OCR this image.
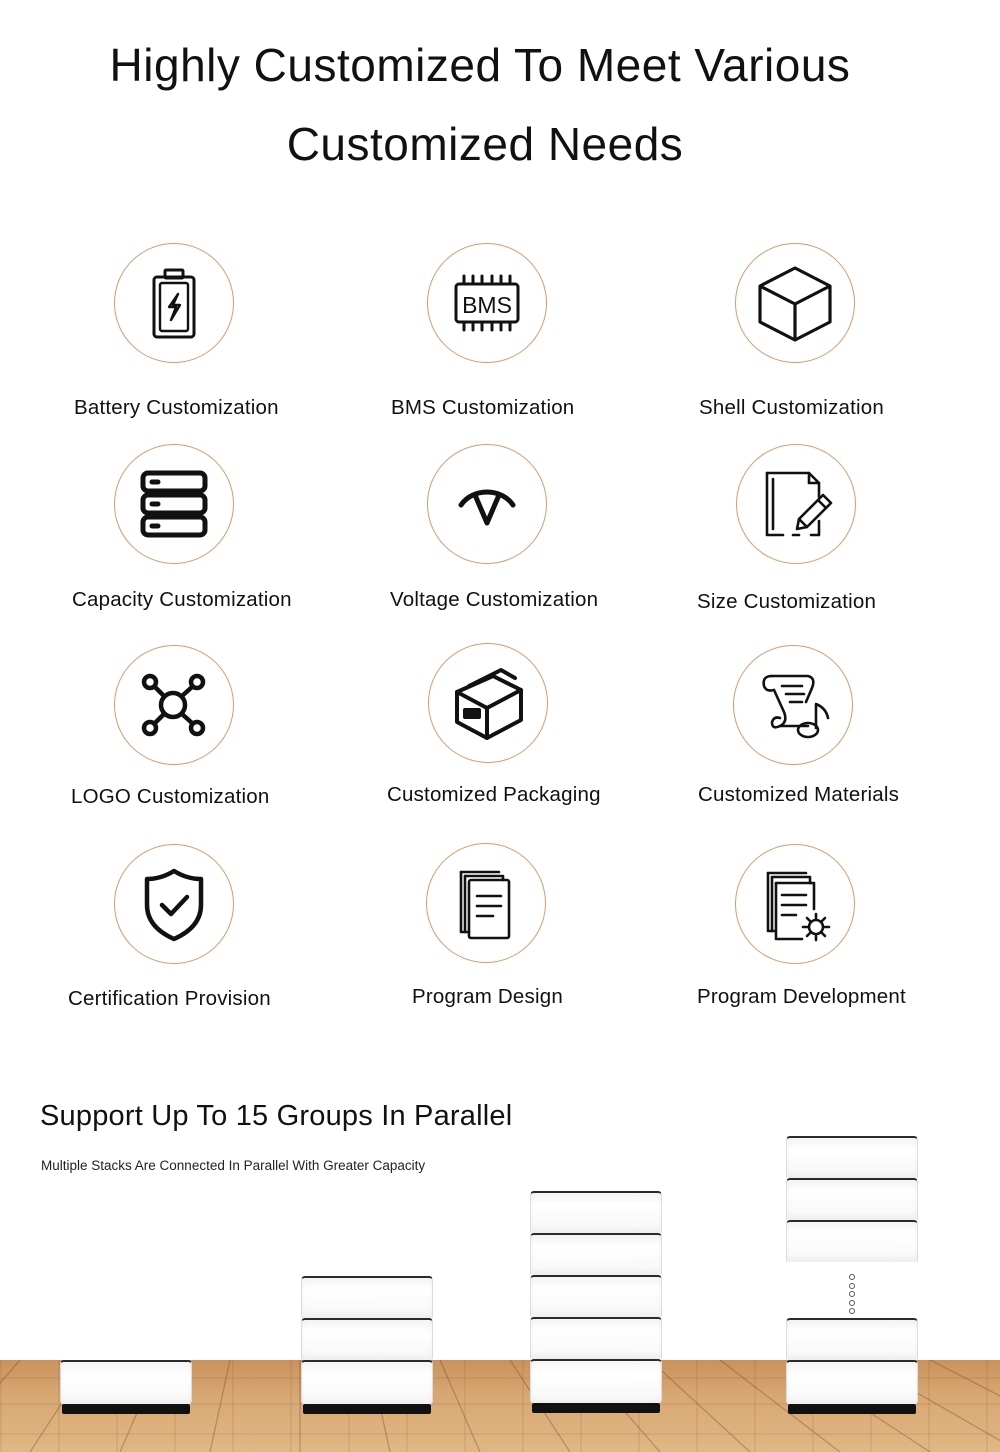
Highly Customized To Meet Various
Customized Needs
Battery Customization
BMS
BMS Customization	Shell Customization
Capacity Customization	Voltage Customization	Size Customization
LOGO Customization	Customized Packaging	Customized Materials
Certification Provision	Program Design	Program Development
Support Up To 15 Groups In Parallel
Multiple Stacks Are Connected In Parallel With Greater Capacity
